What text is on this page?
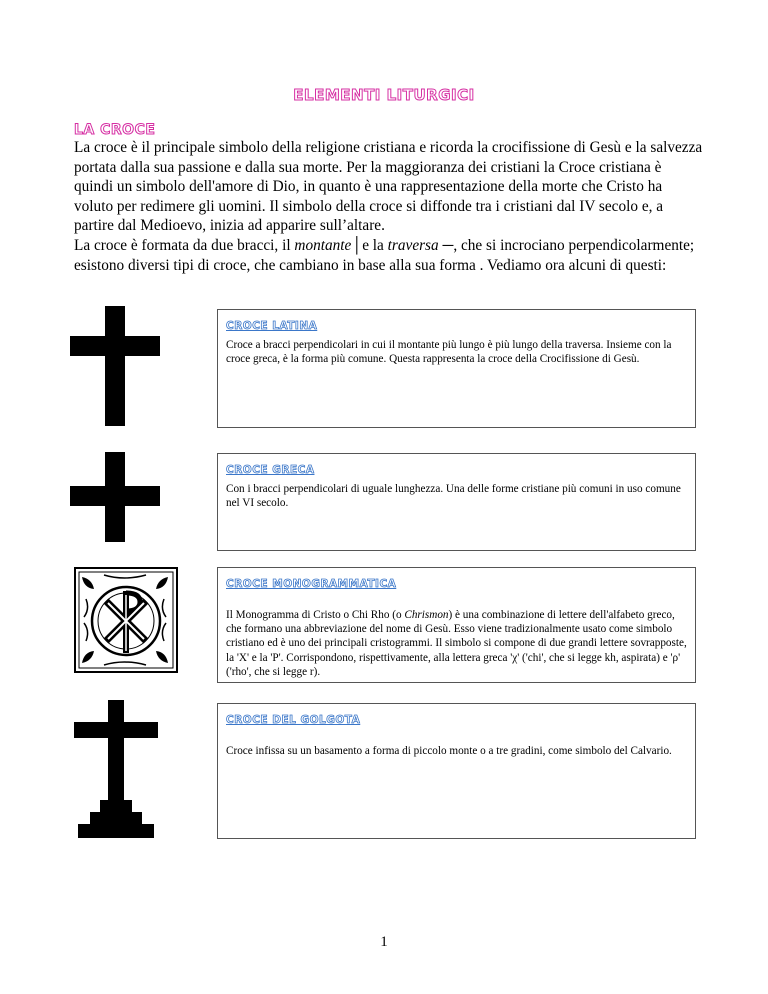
ELEMENTI LITURGICI
LA CROCE

La croce è il principale simbolo della religione cristiana e ricorda la crocifissione di Gesù e la salvezza portata dalla sua passione e dalla sua morte. Per la maggioranza dei cristiani la Croce cristiana è quindi un simbolo dell'amore di Dio, in quanto è una rappresentazione della morte che Cristo ha voluto per redimere gli uomini. Il simbolo della croce si diffonde tra i cristiani dal IV secolo e, a partire dal Medioevo, inizia ad apparire sull’altare.

La croce è formata da due bracci, il montante│e la traversa ─, che si incrociano perpendicolarmente; esistono diversi tipi di croce, che cambiano in base alla sua forma . Vediamo ora alcuni di questi:

CROCE LATINA
Croce a bracci perpendicolari in cui il montante più lungo è più lungo della traversa. Insieme con la croce greca, è la forma più comune. Questa rappresenta la croce della Crocifissione di Gesù.
CROCE GRECA
Con i bracci perpendicolari di uguale lunghezza. Una delle forme cristiane più comuni in uso comune nel VI secolo.
CROCE MONOGRAMMATICA
Il Monogramma di Cristo o Chi Rho (o Chrismon) è una combinazione di lettere dell'alfabeto greco, che formano una abbreviazione del nome di Gesù. Esso viene tradizionalmente usato come simbolo cristiano ed è uno dei principali cristogrammi. Il simbolo si compone di due grandi lettere sovrapposte, la 'X' e la 'P'. Corrispondono, rispettivamente, alla lettera greca 'χ' ('chi', che si legge kh, aspirata) e 'ρ' ('rho', che si legge r).
CROCE DEL GOLGOTA
Croce infissa su un basamento a forma di piccolo monte o a tre gradini, come simbolo del Calvario.
1
